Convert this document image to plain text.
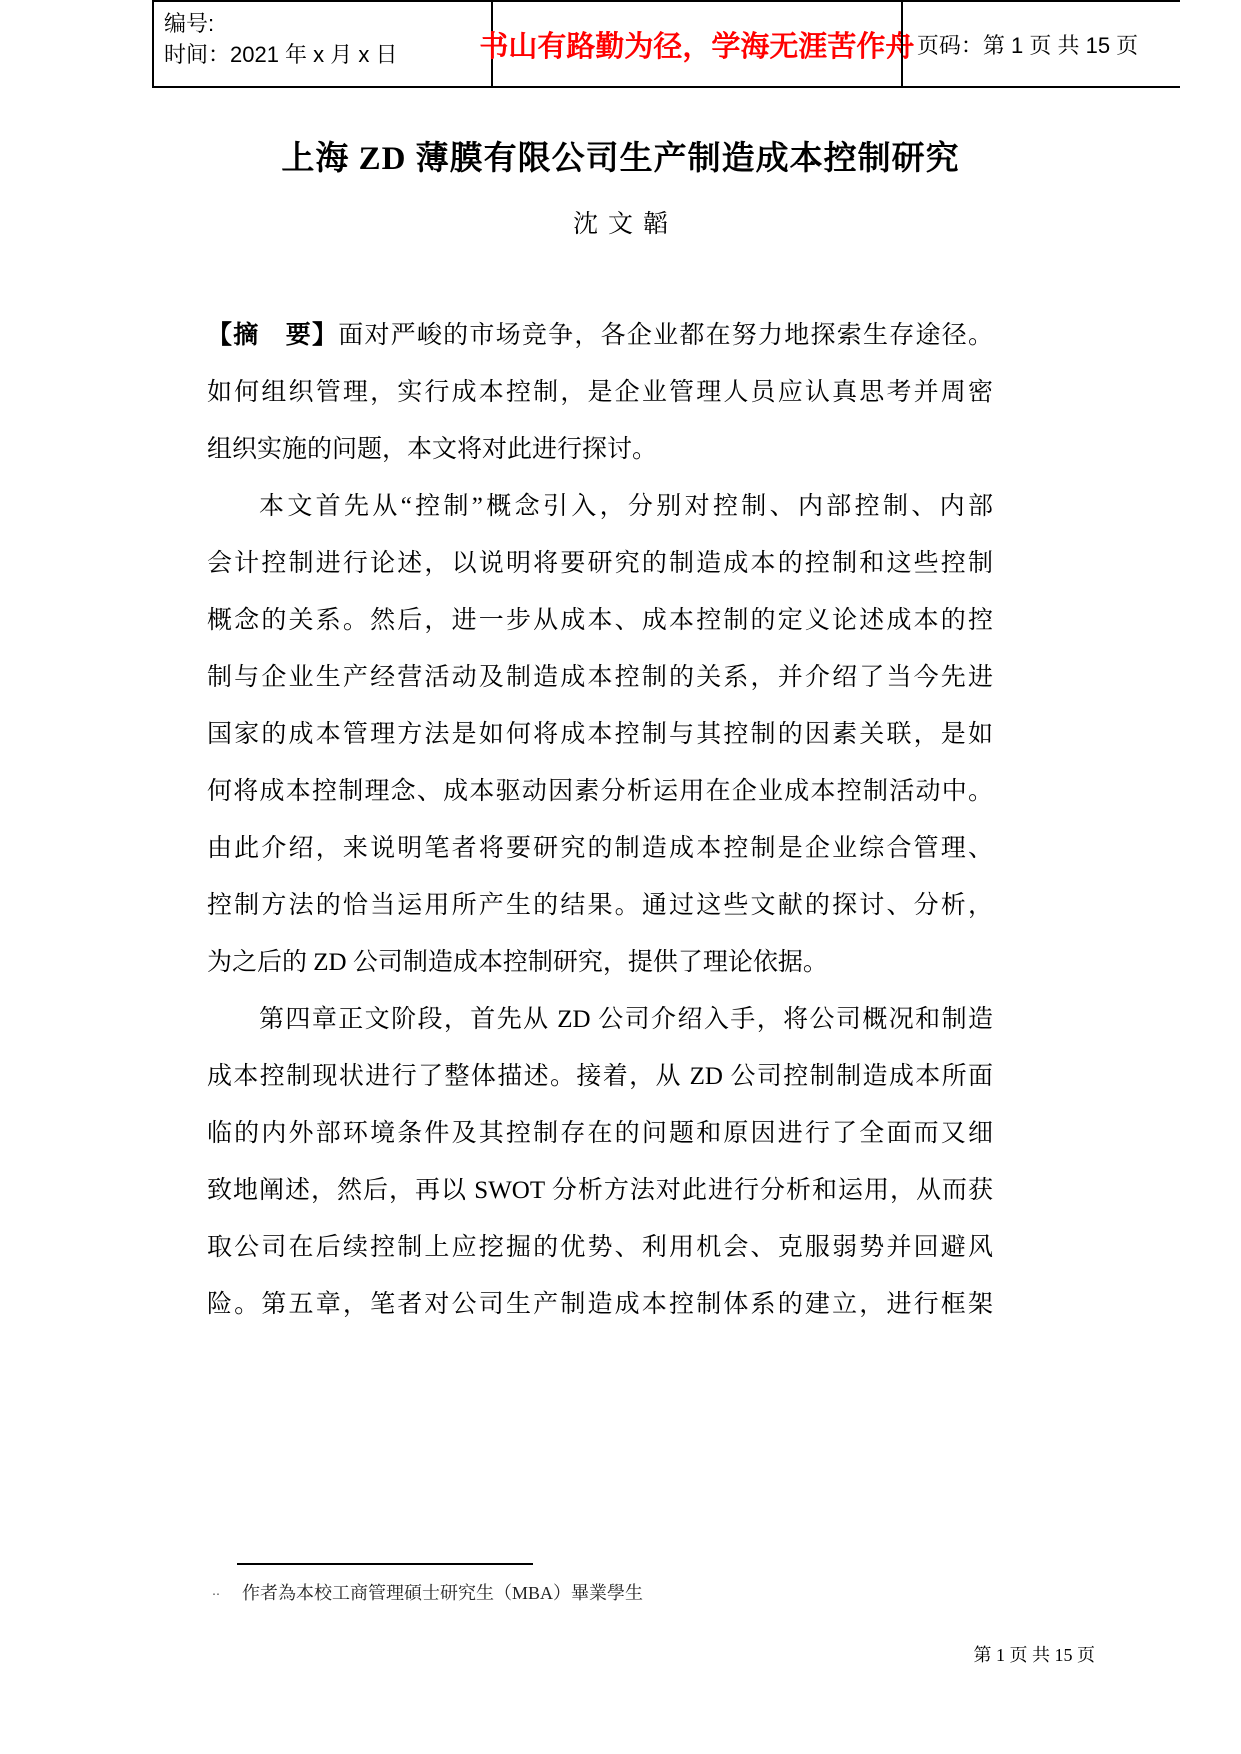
编号:
时间：2021 年 x 月 x 日	书山有路勤为径，学海无涯苦作舟 页码：第 1 页 共 15 页
上海 ZD 薄膜有限公司生产制造成本控制研究
沈文韜
【摘　要】面对严峻的市场竞争，各企业都在努力地探索生存途径。
如何组织管理，实行成本控制，是企业管理人员应认真思考并周密
组织实施的问题，本文将对此进行探讨。
本文首先从“控制”概念引入，分别对控制、内部控制、内部
会计控制进行论述，以说明将要研究的制造成本的控制和这些控制
概念的关系。然后，进一步从成本、成本控制的定义论述成本的控
制与企业生产经营活动及制造成本控制的关系，并介绍了当今先进
国家的成本管理方法是如何将成本控制与其控制的因素关联，是如
何将成本控制理念、成本驱动因素分析运用在企业成本控制活动中。
由此介绍，来说明笔者将要研究的制造成本控制是企业综合管理、
控制方法的恰当运用所产生的结果。通过这些文献的探讨、分析，
为之后的 ZD 公司制造成本控制研究，提供了理论依据。
第四章正文阶段，首先从 ZD 公司介绍入手，将公司概况和制造
成本控制现状进行了整体描述。接着，从 ZD 公司控制制造成本所面
临的内外部环境条件及其控制存在的问题和原因进行了全面而又细
致地阐述，然后，再以 SWOT 分析方法对此进行分析和运用，从而获
取公司在后续控制上应挖掘的优势、利用机会、克服弱势并回避风
险。第五章，笔者对公司生产制造成本控制体系的建立，进行框架
‥ 作者為本校工商管理碩士研究生（MBA）畢業學生
第 1 页 共 15 页
